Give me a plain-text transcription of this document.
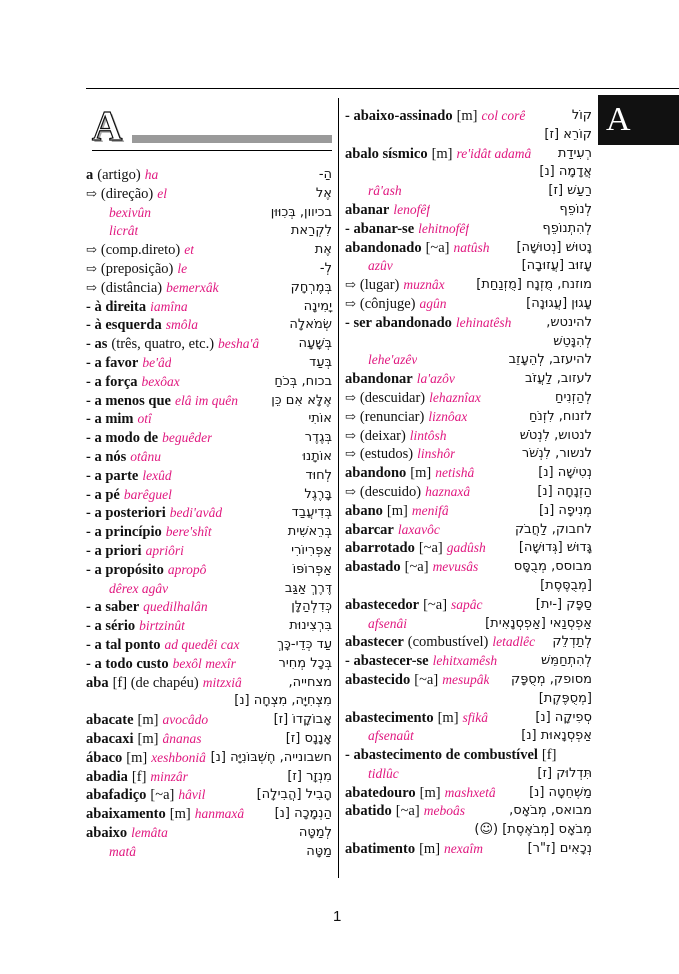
A
A
a (artigo) ha	הַ-
⇨ (direção) el	אֶל
bexivûn	בכיוון, בְּכִוּוּן
licrât	לִקְרַאת
⇨ (comp.direto) et	אֶת
⇨ (preposição) le	לְ-
⇨ (distância) bemerxâk	בְּמֶרְחָק
- à direita iamîna	יָמִינָה
- à esquerda smôla	שְׂמֹאלָה
- as (três, quatro, etc.) besha'â	בְּשָׁעָה
- a favor be'âd	בְּעַד
- a força bexôax	בכוח, בְּכֹחַ
- a menos que elâ im quên	אֶלָּא אִם כֵּן
- a mim otî	אוֹתִי
- a modo de beguêder	בְּגֶדֶר
- a nós otânu	אוֹתָנוּ
- a parte lexûd	לְחוּד
- a pé barêguel	בָּרֶגֶל
- a posteriori bedi'avâd	בְּדִיעֲבַד
- a princípio bere'shît	בְּרֵאשִׁית
- a priori apriôri	אַפְּרִיוֹרִי
- a propósito apropô	אַפְּרוֹפּוֹ
dêrex agâv	דֶּרֶךְ אַגַּב
- a saber quedilhalân	כְּדִלְהַלָּן
- a sério birtzinût	בִּרְצִינוּת
- a tal ponto ad quedêi cax	עַד כְּדֵי-כָּךְ
- a todo custo bexôl mexîr	בְּכָל מְחִיר
aba [f] (de chapéu) mitzxiâ	מצחייה,
מִצְחִיָּה, מִצְחָה [נ]
abacate [m] avocâdo	אָבוֹקָדוֹ [ז]
abacaxi [m] ânanas	אָנָנָס [ז]
ábaco [m] xeshboniâ חשבונייה, חֶשְׁבּוֹנִיָּה [נ]
abadia [f] minzâr	מִנְזָר [ז]
abafadiço [~a] hâvil	הָבִיל [הֲבִילָה]
abaixamento [m] hanmaxâ הַנְמָכָה [נ]
abaixo lemâta	לְמַטָּה
matâ	מַטָּה
- abaixo-assinado [m] col corê	קוֹל
קוֹרֵא [ז]
abalo sísmico [m] re'idât adamâ רְעִידַת
אֲדָמָה [נ]
râ'ash	רַעַשׁ [ז]
abanar lenofêf	לְנוֹפֵף
- abanar-se lehitnofêf	לְהִתְנוֹפֵף
abandonado [~a] natûsh נָטוּשׁ [נְטוּשָׁה]
azûv	עָזוּב [עֲזוּבָה]
⇨ (lugar) muznâx מוזנח, מֻזְנָח [מֻזְנַחַת]
⇨ (cônjuge) agûn	עָגוּן [עֲגוּנָה]
- ser abandonado lehinatêsh	להינטש,
לְהִנָּטֵשׁ
lehe'azêv	להיעזב, לְהֵעָזֵב
abandonar la'azôv	לעזוב, לַעֲזֹב
⇨ (descuidar) lehaznîax	לְהַזְנִיחַ
⇨ (renunciar) liznôax	לזנוח, לִזְנֹחַ
⇨ (deixar) lintôsh	לנטוש, לִנְטֹשׁ
⇨ (estudos) linshôr	לנשור, לִנְשֹׁר
abandono [m] netishâ	נְטִישָׁה [נ]
⇨ (descuido) haznaxâ	הַזְנָחָה [נ]
abano [m] menifâ	מְנִיפָה [נ]
abarcar laxavôc	לחבוק, לַחֲבֹק
abarrotado [~a] gadûsh	גָּדוּשׁ [גְּדוּשָׁה]
abastado [~a] mevusâs	מבוסס, מְבֻסָּס
[מְבֻסֶּסֶת]
abastecedor [~a] sapâc	סַפָּק [-ית]
afsenâi	אַפְסְנַאי [אַפְסְנָאִית]
abastecer (combustível) letadlêc לְתַדְלֵק
- abastecer-se lehitxamêsh	לְהִתְחַמֵּשׁ
abastecido [~a] mesupâk מסופק, מְסֻפָּק
[מְסֻפֶּקֶת]
abastecimento [m] sfikâ	סְפִיקָה [נ]
afsenaût	אַפְסְנָאוּת [נ]
- abastecimento de combustível [f]
tidlûc	תִּדְלוּק [ז]
abatedouro [m] mashxetâ	מַשְׁחֵטָה [נ]
abatido [~a] meboâs	מבואס, מְבֹאָס,
מְבֹאָס [מְבֹאֶסֶת] (☺)
abatimento [m] nexaîm	נְכָאִים [ז"ר]
1
